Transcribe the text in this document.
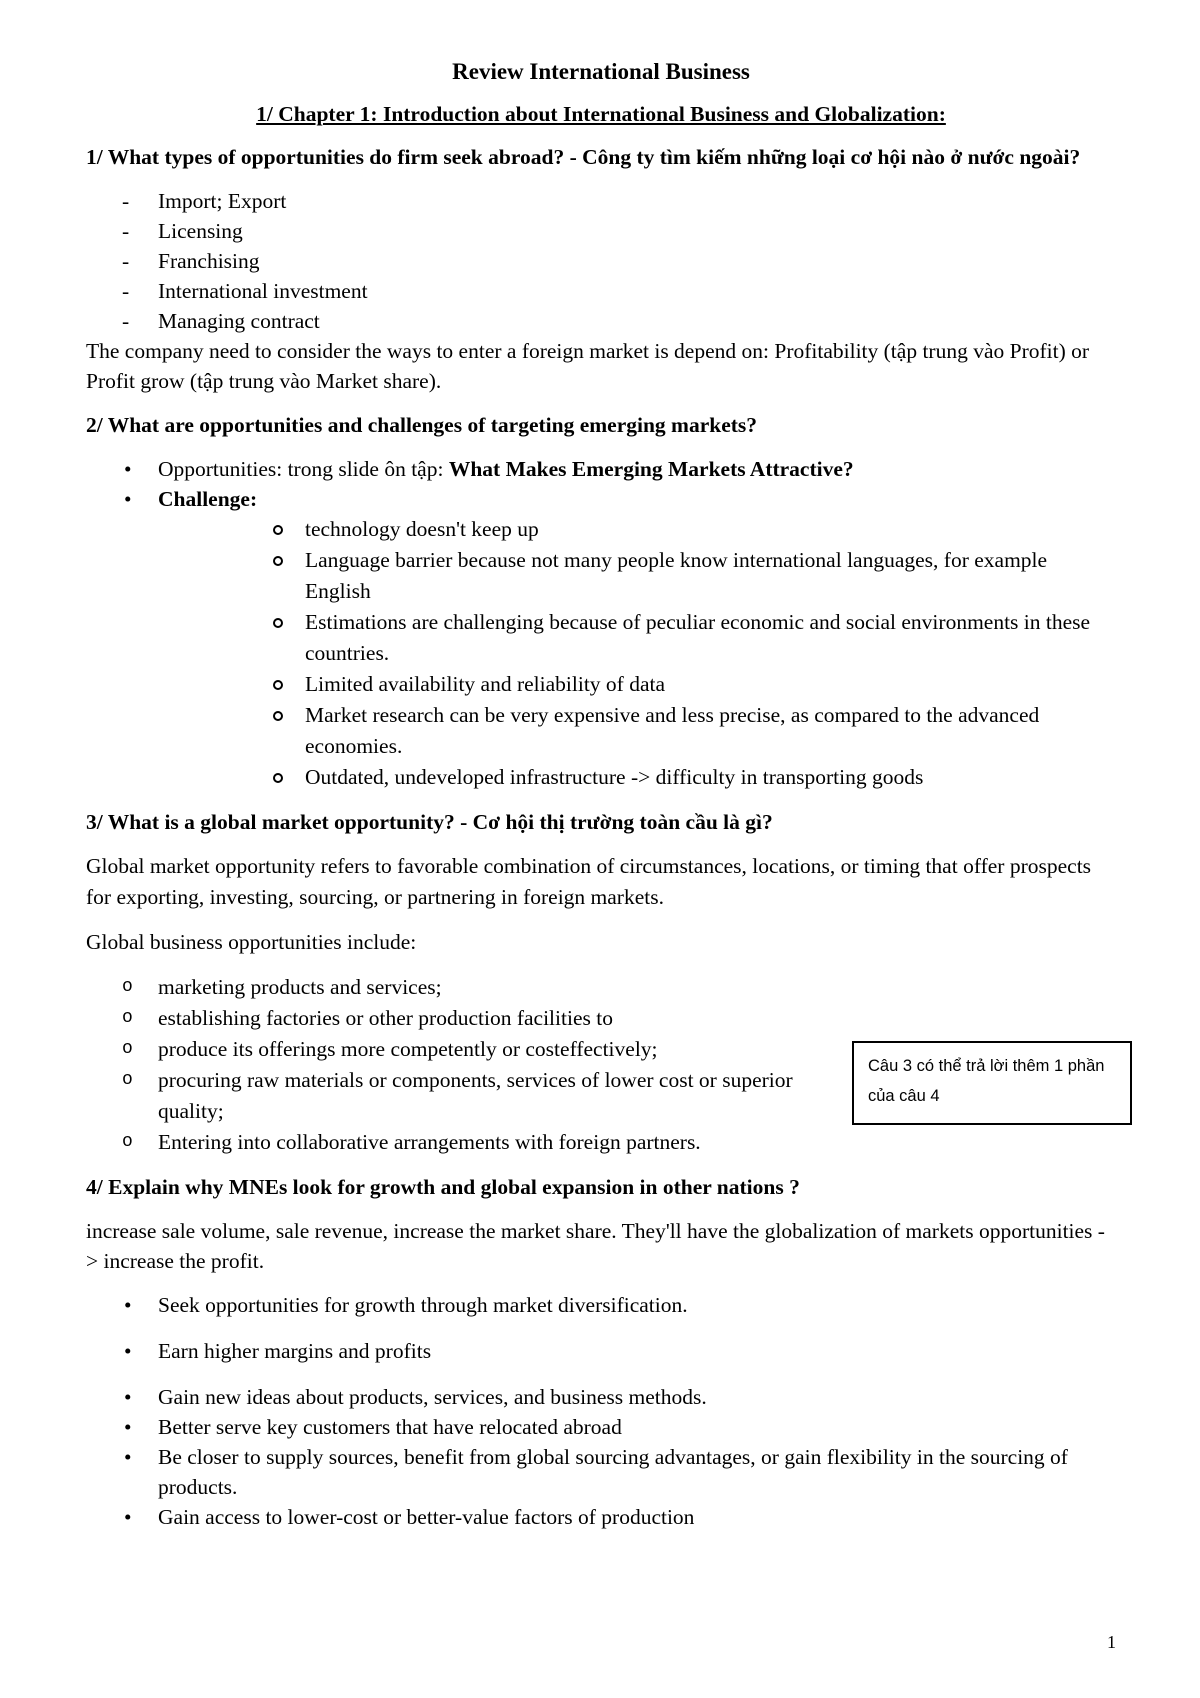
Review International Business
1/ Chapter 1: Introduction about International Business and Globalization:
1/ What types of opportunities do firm seek abroad? - Công ty tìm kiếm những loại cơ hội nào ở nước ngoài?
- Import; Export
- Licensing
- Franchising
- International investment
- Managing contract

The company need to consider the ways to enter a foreign market is depend on: Profitability (tập trung vào Profit) or Profit grow (tập trung vào Market share).

2/ What are opportunities and challenges of targeting emerging markets?
• Opportunities: trong slide ôn tập: What Makes Emerging Markets Attractive?
• Challenge:
technology doesn't keep up
Language barrier because not many people know international languages, for example English
Estimations are challenging because of peculiar economic and social environments in these countries.
Limited availability and reliability of data
Market research can be very expensive and less precise, as compared to the advanced economies.
Outdated, undeveloped infrastructure -> difficulty in transporting goods
3/ What is a global market opportunity? - Cơ hội thị trường toàn cầu là gì?

Global market opportunity refers to favorable combination of circumstances, locations, or timing that offer prospects for exporting, investing, sourcing, or partnering in foreign markets.

Global business opportunities include:

o marketing products and services;
o establishing factories or other production facilities to
o produce its offerings more competently or costeffectively;
o procuring raw materials or components, services of lower cost or superior quality;
o Entering into collaborative arrangements with foreign partners.
4/ Explain why MNEs look for growth and global expansion in other nations ?

increase sale volume, sale revenue, increase the market share. They'll have the globalization of markets opportunities -> increase the profit.

• Seek opportunities for growth through market diversification.
• Earn higher margins and profits
• Gain new ideas about products, services, and business methods.
• Better serve key customers that have relocated abroad
• Be closer to supply sources, benefit from global sourcing advantages, or gain flexibility in the sourcing of products.
• Gain access to lower-cost or better-value factors of production
Câu 3 có thể trả lời thêm 1 phần của câu 4
1
